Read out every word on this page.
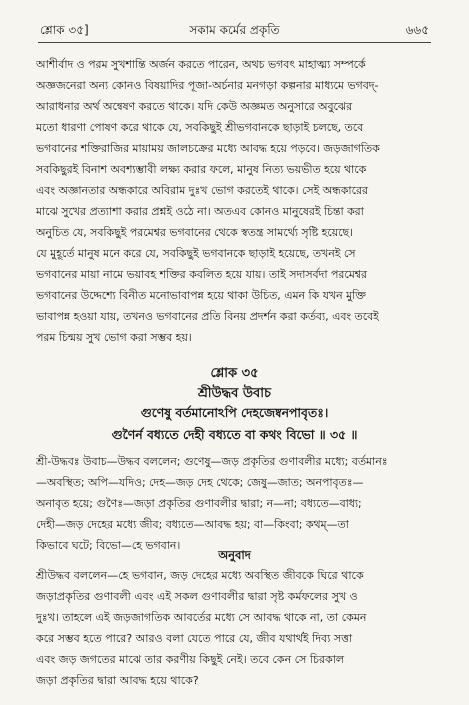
শ্লোক ৩৫]	সকাম কর্মের প্রকৃতি	৬৬৫
আশীর্বাদ ও পরম সুখশান্তি অর্জন করতে পারেন, অথচ ভগবৎ মাহাত্ম্য সম্পর্কে
অজ্ঞজনেরা অন্য কোনও বিষয়াদির পূজা-অর্চনার মনগড়া কল্পনার মাধ্যমে ভগবদ্-
আরাধনার অর্থ অন্বেষণ করতে থাকে। যদি কেউ অজ্ঞমত অনুসারে অবুঝের
মতো ধারণা পোষণ করে থাকে যে, সবকিছুই শ্রীভগবানকে ছাড়াই চলছে, তবে
ভগবানের শক্তিরাজির মায়াময় জালচক্রের মধ্যে আবদ্ধ হয়ে পড়বে। জড়জাগতিক
সবকিছুরই বিনাশ অবশ্যম্ভাবী লক্ষ্য করার ফলে, মানুষ নিত্য ভয়ভীত হয়ে থাকে
এবং অজ্ঞানতার অন্ধকারে অবিরাম দুঃখ ভোগ করতেই থাকে। সেই অন্ধকারের
মাঝে সুখের প্রত্যাশা করার প্রশ্নই ওঠে না। অতএব কোনও মানুষেরই চিন্তা করা
অনুচিত যে, সবকিছুই পরমেশ্বর ভগবানের থেকে স্বতন্ত্র সামর্থ্যে সৃষ্টি হয়েছে।
যে মুহূর্তে মানুষ মনে করে যে, সবকিছুই ভগবানকে ছাড়াই হয়েছে, তখনই সে
ভগবানের মায়া নামে ভয়াবহ শক্তির কবলিত হয়ে যায়। তাই সদাসর্বদা পরমেশ্বর
ভগবানের উদ্দেশ্যে বিনীত মনোভাবাপন্ন হয়ে থাকা উচিত, এমন কি যখন মুক্তি
ভাবাপন্ন হওয়া যায়, তখনও ভগবানের প্রতি বিনয় প্রদর্শন করা কর্তব্য, এবং তবেই
পরম চিন্ময় সুখ ভোগ করা সম্ভব হয়।
শ্লোক ৩৫
শ্রীউদ্ধব উবাচ
গুণেষু বর্তমানোঽপি দেহজেষ্বনপাবৃতঃ।
গুণৈর্ন বধ্যতে দেহী বধ্যতে বা কথং বিভো ॥ ৩৫ ॥
শ্রী-উদ্ধবঃ উবাচ—উদ্ধব বললেন; গুণেষু—জড় প্রকৃতির গুণাবলীর মধ্যে; বর্তমানঃ
—অবস্থিত; অপি—যদিও; দেহ—জড় দেহ থেকে; জেষু—জাত; অনপাবৃতঃ—
অনাবৃত হয়ে; গুণৈঃ—জড়া প্রকৃতির গুণাবলীর দ্বারা; ন—না; বধ্যতে—বাধ্য;
দেহী—জড় দেহের মধ্যে জীব; বধ্যতে—আবদ্ধ হয়; বা—কিংবা; কথম্—তা
কিভাবে ঘটে; বিভো—হে ভগবান।
অনুবাদ
শ্রীউদ্ধব বললেন—হে ভগবান, জড় দেহের মধ্যে অবস্থিত জীবকে ঘিরে থাকে
জড়াপ্রকৃতির গুণাবলী এবং এই সকল গুণাবলীর দ্বারা সৃষ্ট কর্মফলের সুখ ও
দুঃখ। তাহলে এই জড়জাগতিক আবর্তের মধ্যে সে আবদ্ধ থাকে না, তা কেমন
করে সম্ভব হতে পারে? আরও বলা যেতে পারে যে, জীব যথার্থই দিব্য সত্তা
এবং জড় জগতের মাঝে তার করণীয় কিছুই নেই। তবে কেন সে চিরকাল
জড়া প্রকৃতির দ্বারা আবদ্ধ হয়ে থাকে?
